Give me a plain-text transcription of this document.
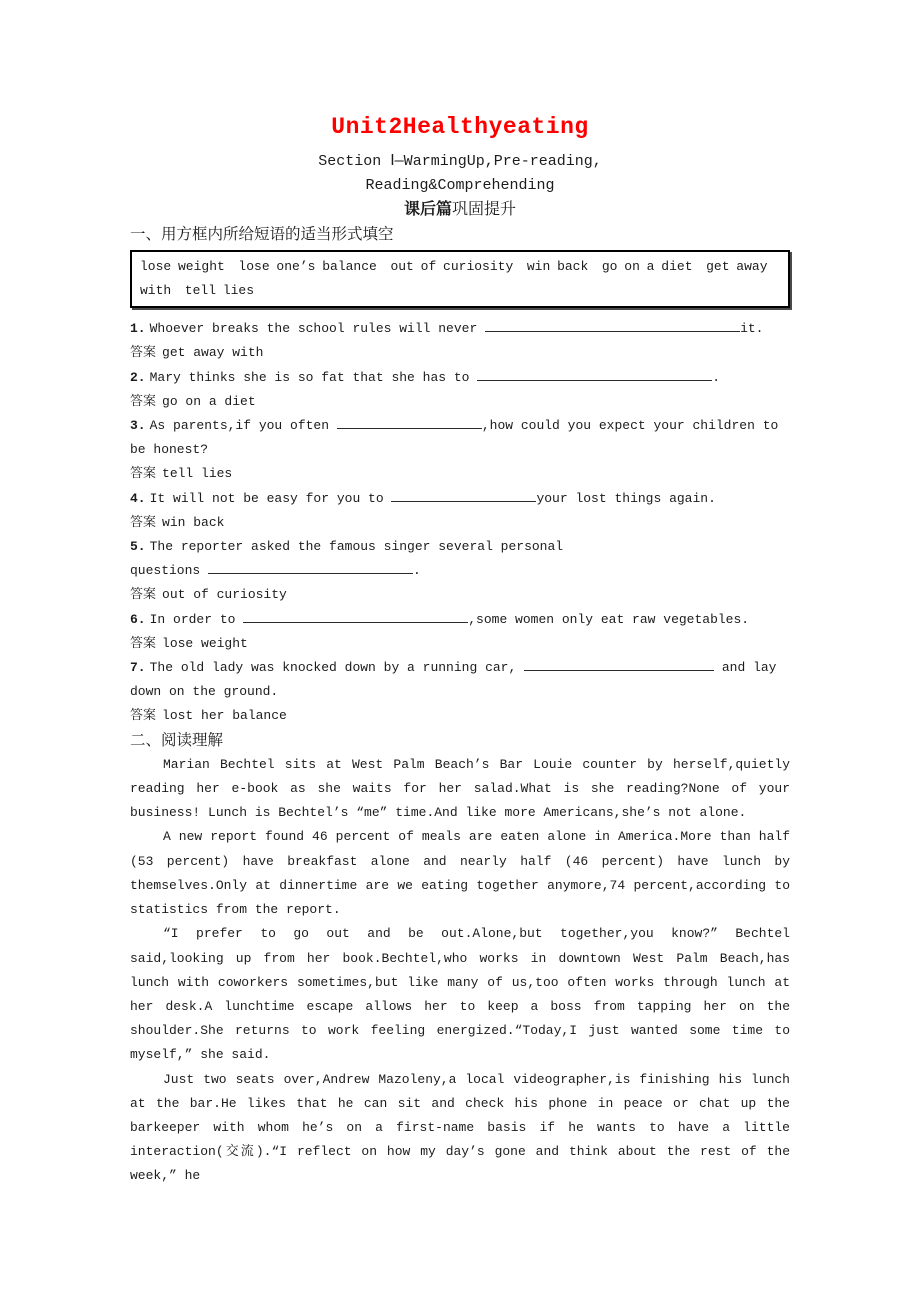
Unit2Healthyeating
Section Ⅰ—WarmingUp,Pre-reading,
Reading&Comprehending
课后篇巩固提升
一、用方框内所给短语的适当形式填空
lose weight  lose one’s balance  out of curiosity  win back  go on a diet  get away with  tell lies
1. Whoever breaks the school rules will never	it.
答案 get away with
2. Mary thinks she is so fat that she has to	.
答案 go on a diet
3. As parents,if you often	,how could you expect your children to be honest?
答案 tell lies
4. It will not be easy for you to	your lost things again.
答案 win back
5. The reporter asked the famous singer several personal
questions	.
答案 out of curiosity
6. In order to	,some women only eat raw vegetables.
答案 lose weight
7. The old lady was knocked down by a running car,	and lay down on the ground.
答案 lost her balance
二、阅读理解

Marian Bechtel sits at West Palm Beach’s Bar Louie counter by herself,quietly reading her e-book as she waits for her salad.What is she reading?None of your business! Lunch is Bechtel’s “me” time.And like more Americans,she’s not alone.

A new report found 46 percent of meals are eaten alone in America.More than half (53 percent) have breakfast alone and nearly half (46 percent) have lunch by themselves.Only at dinnertime are we eating together anymore,74 percent,according to statistics from the report.

“I prefer to go out and be out.Alone,but together,you know?” Bechtel said,looking up from her book.Bechtel,who works in downtown West Palm Beach,has lunch with coworkers sometimes,but like many of us,too often works through lunch at her desk.A lunchtime escape allows her to keep a boss from tapping her on the shoulder.She returns to work feeling energized.“Today,I just wanted some time to myself,” she said.

Just two seats over,Andrew Mazoleny,a local videographer,is finishing his lunch at the bar.He likes that he can sit and check his phone in peace or chat up the barkeeper with whom he’s on a first-name basis if he wants to have a little interaction(交流).“I reflect on how my day’s gone and think about the rest of the week,” he
